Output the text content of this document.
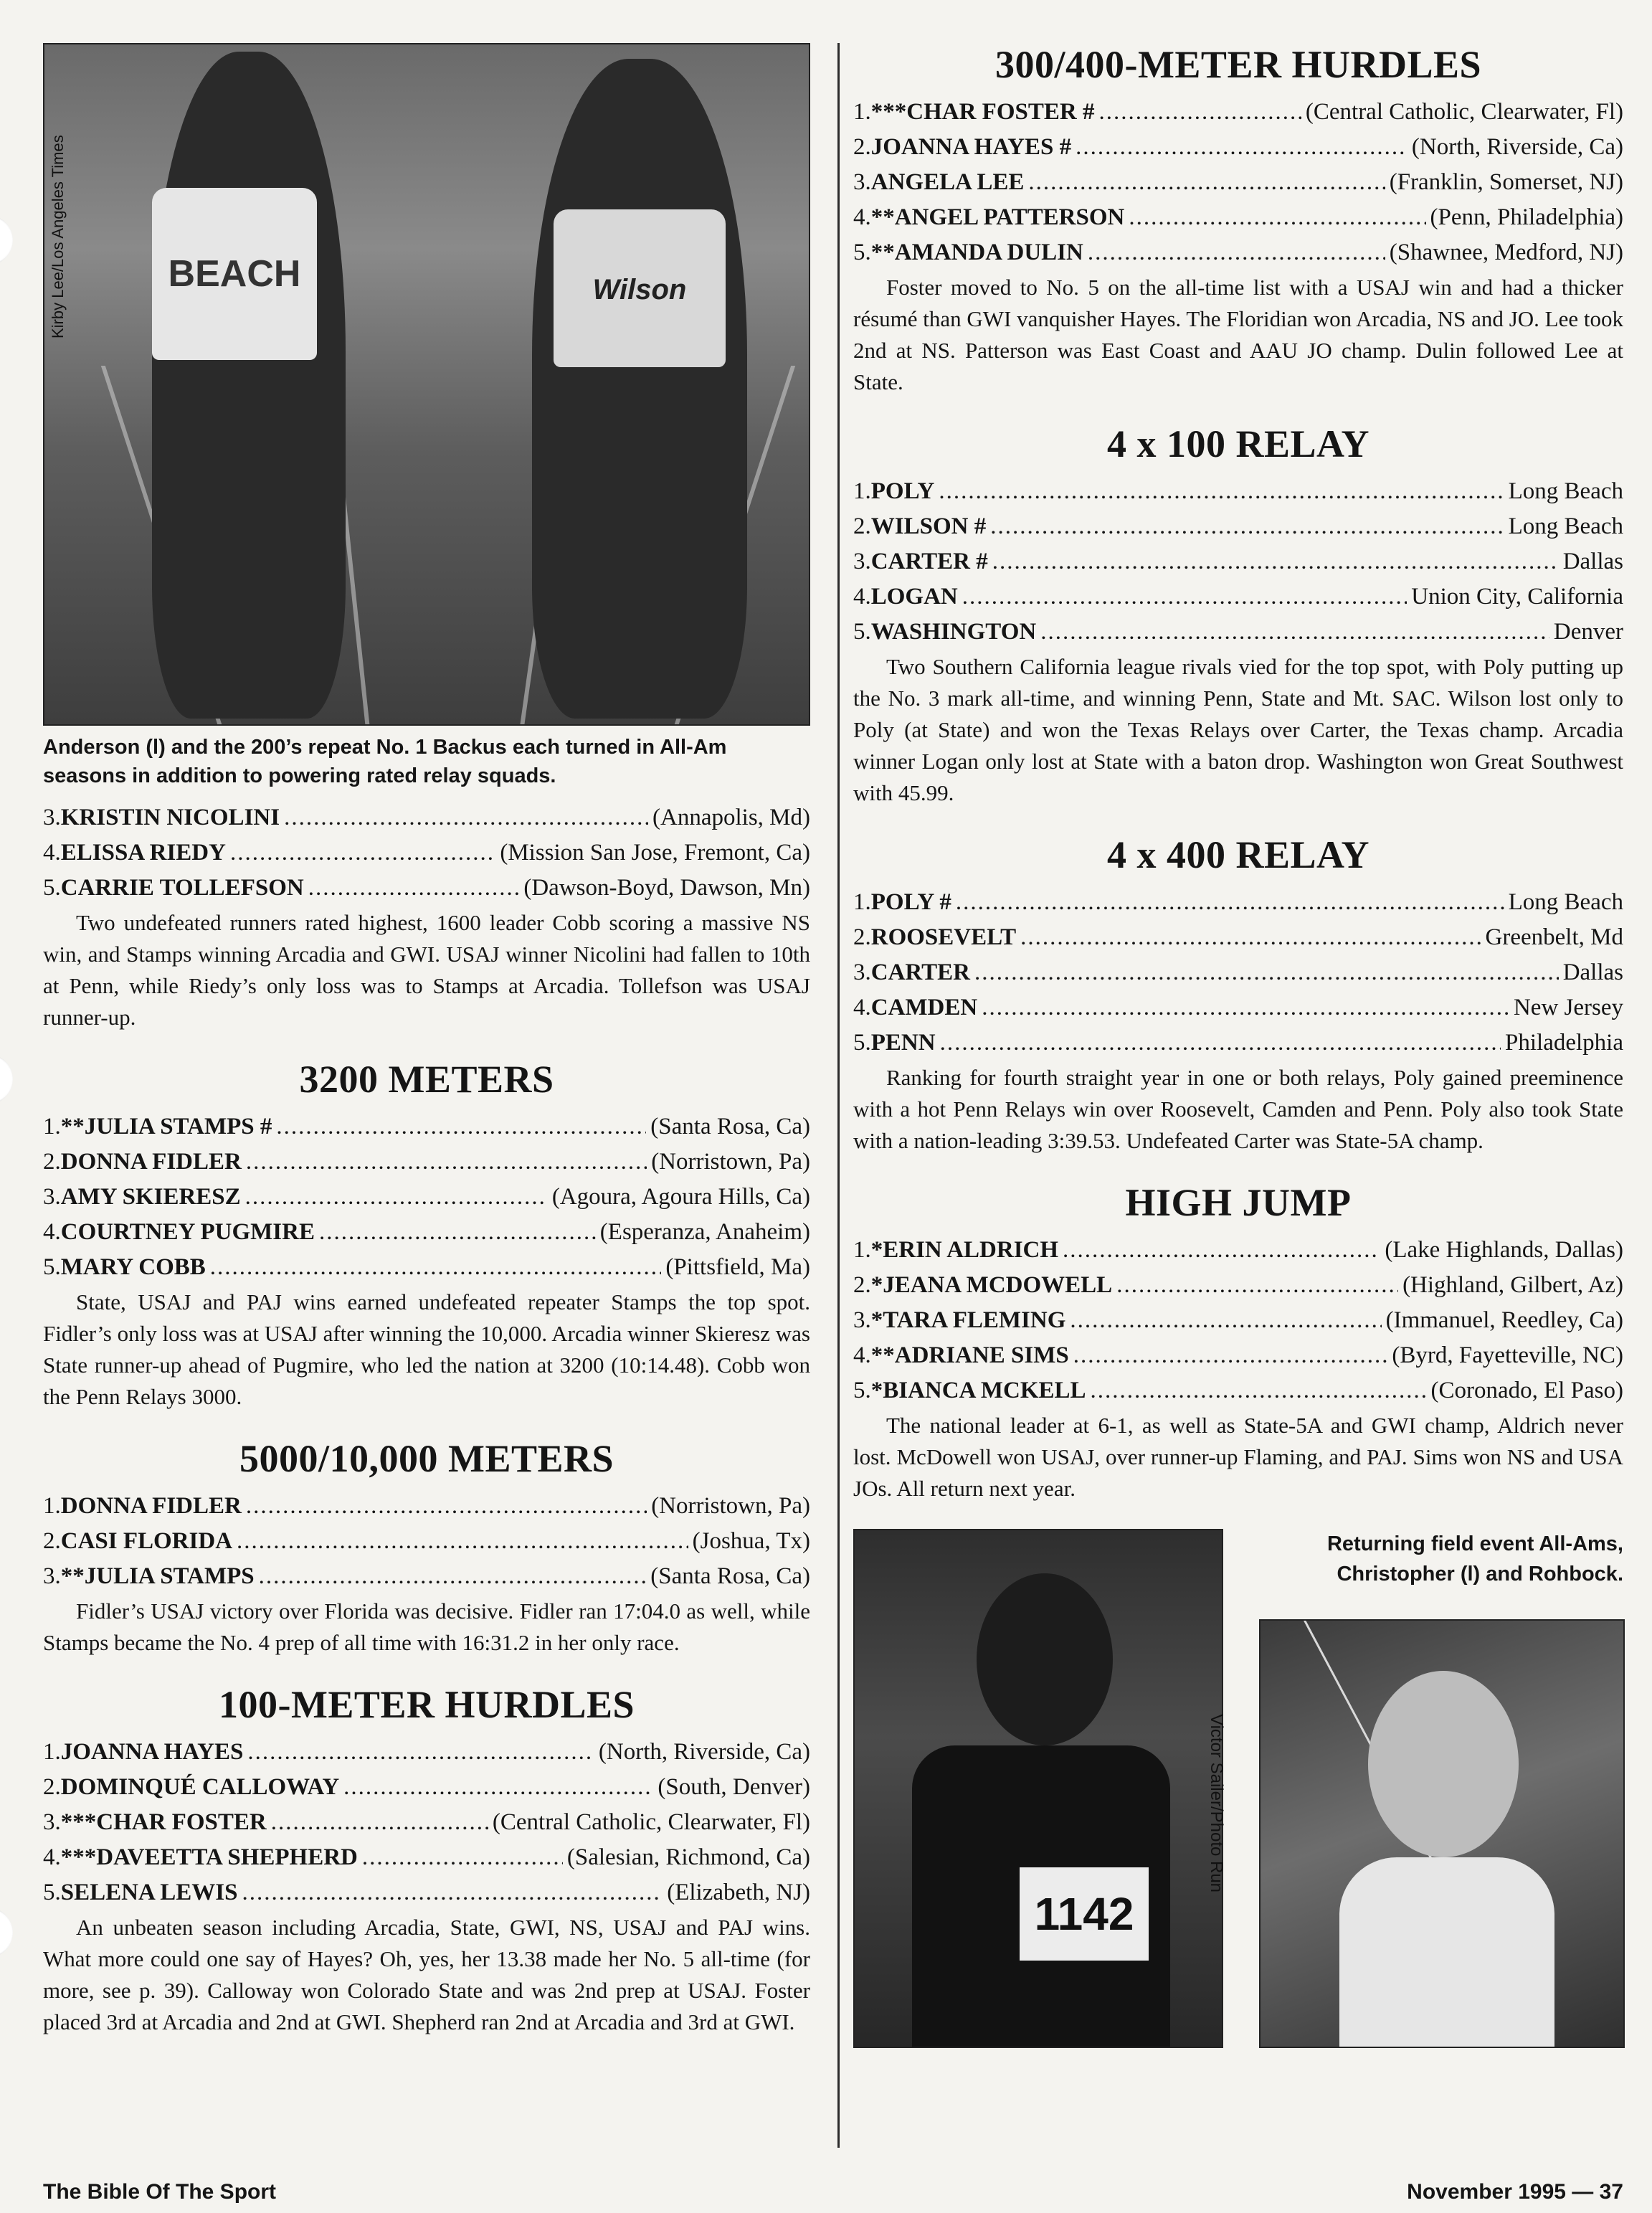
BEACH	Wilson
Kirby Lee/Los Angeles Times
Anderson (l) and the 200’s repeat No. 1 Backus each turned in All-Am seasons in addition to powering rated relay squads.
3. KRISTIN NICOLINI .....	(Annapolis, Md)
4. ELISSA RIEDY .....	(Mission San Jose, Fremont, Ca)
5. CARRIE TOLLEFSON .....	(Dawson-Boyd, Dawson, Mn)

Two undefeated runners rated highest, 1600 leader Cobb scoring a massive NS win, and Stamps winning Arcadia and GWI. USAJ winner Nicolini had fallen to 10th at Penn, while Riedy’s only loss was to Stamps at Arcadia. Tollefson was USAJ runner-up.

3200 METERS
1. **JULIA STAMPS # .....	(Santa Rosa, Ca)
2. DONNA FIDLER .....	(Norristown, Pa)
3. AMY SKIERESZ .....	(Agoura, Agoura Hills, Ca)
4. COURTNEY PUGMIRE .....	(Esperanza, Anaheim)
5. MARY COBB .....	(Pittsfield, Ma)

State, USAJ and PAJ wins earned undefeated repeater Stamps the top spot. Fidler’s only loss was at USAJ after winning the 10,000. Arcadia winner Skieresz was State runner-up ahead of Pugmire, who led the nation at 3200 (10:14.48). Cobb won the Penn Relays 3000.

5000/10,000 METERS
1. DONNA FIDLER .....	(Norristown, Pa)
2. CASI FLORIDA .....	(Joshua, Tx)
3. **JULIA STAMPS .....	(Santa Rosa, Ca)

Fidler’s USAJ victory over Florida was decisive. Fidler ran 17:04.0 as well, while Stamps became the No. 4 prep of all time with 16:31.2 in her only race.

100-METER HURDLES
1. JOANNA HAYES .....	(North, Riverside, Ca)
2. DOMINQUÉ CALLOWAY .....	(South, Denver)
3. ***CHAR FOSTER .....	(Central Catholic, Clearwater, Fl)
4. ***DAVEETTA SHEPHERD .....	(Salesian, Richmond, Ca)
5. SELENA LEWIS .....	(Elizabeth, NJ)

An unbeaten season including Arcadia, State, GWI, NS, USAJ and PAJ wins. What more could one say of Hayes? Oh, yes, her 13.38 made her No. 5 all-time (for more, see p. 39). Calloway won Colorado State and was 2nd prep at USAJ. Foster placed 3rd at Arcadia and 2nd at GWI. Shepherd ran 2nd at Arcadia and 3rd at GWI.

300/400-METER HURDLES
1. ***CHAR FOSTER # .....	(Central Catholic, Clearwater, Fl)
2. JOANNA HAYES # .....	(North, Riverside, Ca)
3. ANGELA LEE .....	(Franklin, Somerset, NJ)
4. **ANGEL PATTERSON .....	(Penn, Philadelphia)
5. **AMANDA DULIN .....	(Shawnee, Medford, NJ)

Foster moved to No. 5 on the all-time list with a USAJ win and had a thicker résumé than GWI vanquisher Hayes. The Floridian won Arcadia, NS and JO. Lee took 2nd at NS. Patterson was East Coast and AAU JO champ. Dulin followed Lee at State.

4 x 100 RELAY
1. POLY .....	Long Beach
2. WILSON # .....	Long Beach
3. CARTER # .....	Dallas
4. LOGAN .....	Union City, California
5. WASHINGTON .....	Denver

Two Southern California league rivals vied for the top spot, with Poly putting up the No. 3 mark all-time, and winning Penn, State and Mt. SAC. Wilson lost only to Poly (at State) and won the Texas Relays over Carter, the Texas champ. Arcadia winner Logan only lost at State with a baton drop. Washington won Great Southwest with 45.99.

4 x 400 RELAY
1. POLY # .....	Long Beach
2. ROOSEVELT .....	Greenbelt, Md
3. CARTER .....	Dallas
4. CAMDEN .....	New Jersey
5. PENN .....	Philadelphia

Ranking for fourth straight year in one or both relays, Poly gained preeminence with a hot Penn Relays win over Roosevelt, Camden and Penn. Poly also took State with a nation-leading 3:39.53. Undefeated Carter was State-5A champ.

HIGH JUMP
1. *ERIN ALDRICH .....	(Lake Highlands, Dallas)
2. *JEANA MCDOWELL .....	(Highland, Gilbert, Az)
3. *TARA FLEMING .....	(Immanuel, Reedley, Ca)
4. **ADRIANE SIMS .....	(Byrd, Fayetteville, NC)
5. *BIANCA MCKELL .....	(Coronado, El Paso)

The national leader at 6-1, as well as State-5A and GWI champ, Aldrich never lost. McDowell won USAJ, over runner-up Flaming, and PAJ. Sims won NS and USA JOs. All return next year.

1142
Victor Sailer/Photo Run
Returning field event All-Ams, Christopher (l) and Rohbock.
The Bible Of The Sport	November 1995 — 37
